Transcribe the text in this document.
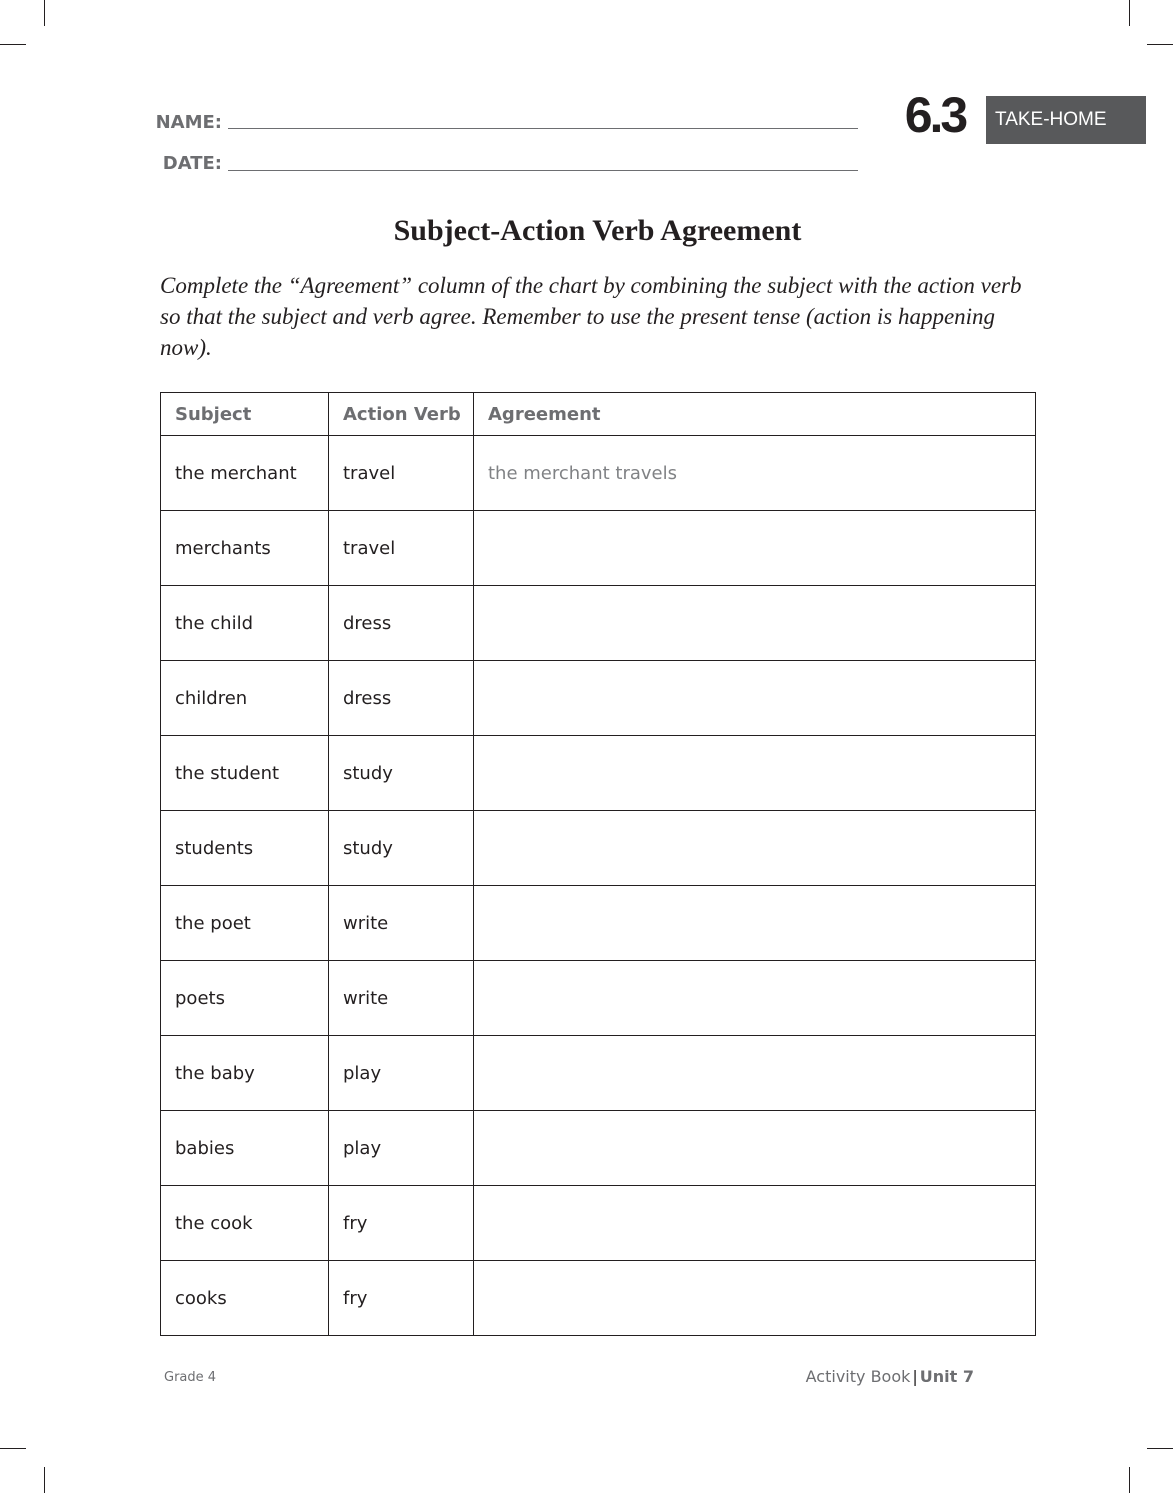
NAME:
DATE:
6.3	TAKE-HOME
Subject-Action Verb Agreement
Complete the “Agreement” column of the chart by combining the subject with the action verb so that the subject and verb agree. Remember to use the present tense (action is happening now).
Subject	Action Verb	Agreement
the merchant	travel	the merchant travels
merchants	travel	
the child	dress	
children	dress	
the student	study	
students	study	
the poet	write	
poets	write	
the baby	play	
babies	play	
the cook	fry	
cooks	fry	
Grade 4	Activity Book | Unit 7
